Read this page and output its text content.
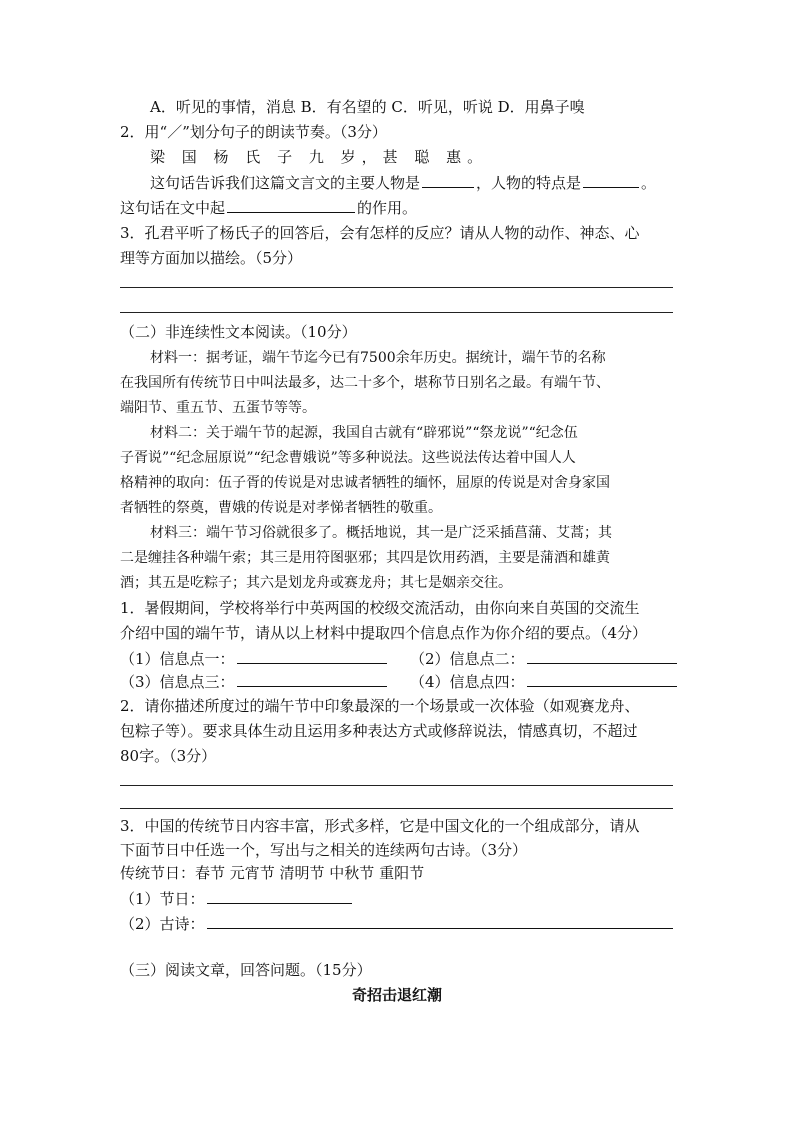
A．听见的事情，消息 B．有名望的 C．听见，听说 D．用鼻子嗅
2．用“／”划分句子的朗读节奏。（3分）
梁 国 杨 氏 子 九 岁，甚 聪 惠。
这句话告诉我们这篇文言文的主要人物是	，人物的特点是	。
这句话在文中起	的作用。
3．孔君平听了杨氏子的回答后，会有怎样的反应？请从人物的动作、神态、心
理等方面加以描绘。（5分）
（二）非连续性文本阅读。（10分）
材料一：据考证，端午节迄今已有7500余年历史。据统计，端午节的名称
在我国所有传统节日中叫法最多，达二十多个，堪称节日别名之最。有端午节、
端阳节、重五节、五蛋节等等。
材料二：关于端午节的起源，我国自古就有“辟邪说”“祭龙说”“纪念伍
子胥说”“纪念屈原说”“纪念曹娥说”等多种说法。这些说法传达着中国人人
格精神的取向：伍子胥的传说是对忠诚者牺牲的缅怀，屈原的传说是对舍身家国
者牺牲的祭奠，曹娥的传说是对孝悌者牺牲的敬重。
材料三：端午节习俗就很多了。概括地说，其一是广泛采插菖蒲、艾蒿；其
二是缠挂各种端午索；其三是用符图驱邪；其四是饮用药酒，主要是蒲酒和雄黄
酒；其五是吃粽子；其六是划龙舟或赛龙舟；其七是姻亲交往。
1．暑假期间，学校将举行中英两国的校级交流活动，由你向来自英国的交流生
介绍中国的端午节，请从以上材料中提取四个信息点作为你介绍的要点。（4分）
（1）信息点一：	（2）信息点二：
（3）信息点三：	（4）信息点四：
2．请你描述所度过的端午节中印象最深的一个场景或一次体验（如观赛龙舟、
包粽子等）。要求具体生动且运用多种表达方式或修辞说法，情感真切，不超过
80字。（3分）
3．中国的传统节日内容丰富，形式多样，它是中国文化的一个组成部分，请从
下面节日中任选一个，写出与之相关的连续两句古诗。（3分）
传统节日：春节 元宵节 清明节 中秋节 重阳节
（1）节日：
（2）古诗：
（三）阅读文章，回答问题。（15分）
奇招击退红潮
